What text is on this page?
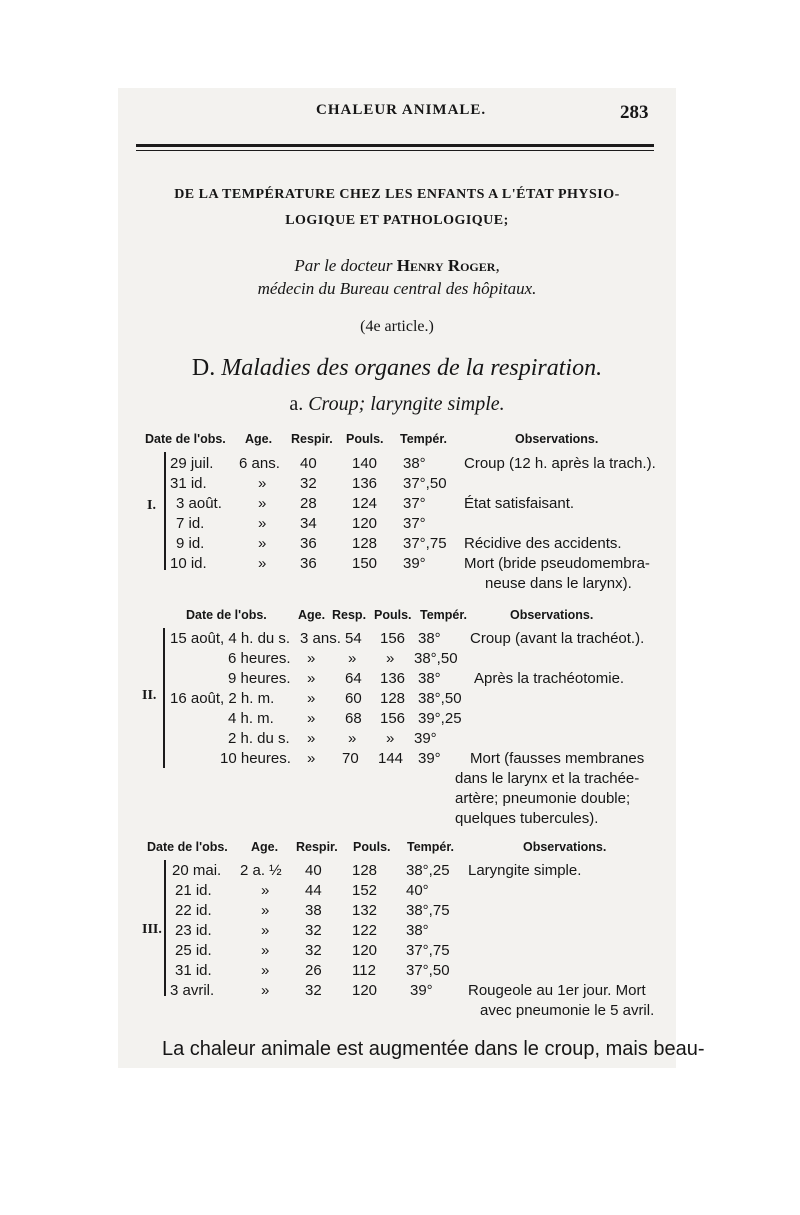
CHALEUR ANIMALE.	283
DE LA TEMPÉRATURE CHEZ LES ENFANTS A L'ÉTAT PHYSIO-
LOGIQUE ET PATHOLOGIQUE;
Par le docteur Henry Roger,
médecin du Bureau central des hôpitaux.
(4e article.)
D. Maladies des organes de la respiration.
a. Croup; laryngite simple.
Date de l'obs. Age. Respir. Pouls. Tempér.	Observations.
I.
29 juil. 6 ans. 40 140 38°	Croup (12 h. après la trach.).
31 id.	» 32 136 37°,50
3 août. » 28 124 37°	État satisfaisant.
7 id.	» 34 120 37°
9 id.	» 36 128 37°,75 Récidive des accidents.
10 id.	» 36 150 39°	Mort (bride pseudomembra-
neuse dans le larynx).
Date de l'obs. Age. Resp. Pouls. Tempér.	Observations.
II.
15 août, 4 h. du s. 3 ans. 54 156 38° Croup (avant la trachéot.).
6 heures. » » » 38°,50
9 heures. » 64 136 38° Après la trachéotomie.
16 août, 2 h. m. » 60 128 38°,50
4 h. m. » 68 156 39°,25
2 h. du s. » » » 39°
10 heures. » 70 144 39° Mort (fausses membranes
dans le larynx et la trachée-
artère; pneumonie double;
quelques tubercules).
Date de l'obs. Age. Respir. Pouls. Tempér.	Observations.
III.
20 mai. 2 a. ½ 40 128 38°,25 Laryngite simple.
21 id.	» 44 152 40°
22 id.	» 38 132 38°,75
23 id.	» 32 122 38°
25 id.	» 32 120 37°,75
31 id.	» 26 112 37°,50
3 avril.	» 32 120 39° Rougeole au 1er jour. Mort
avec pneumonie le 5 avril.
La chaleur animale est augmentée dans le croup, mais beau-
